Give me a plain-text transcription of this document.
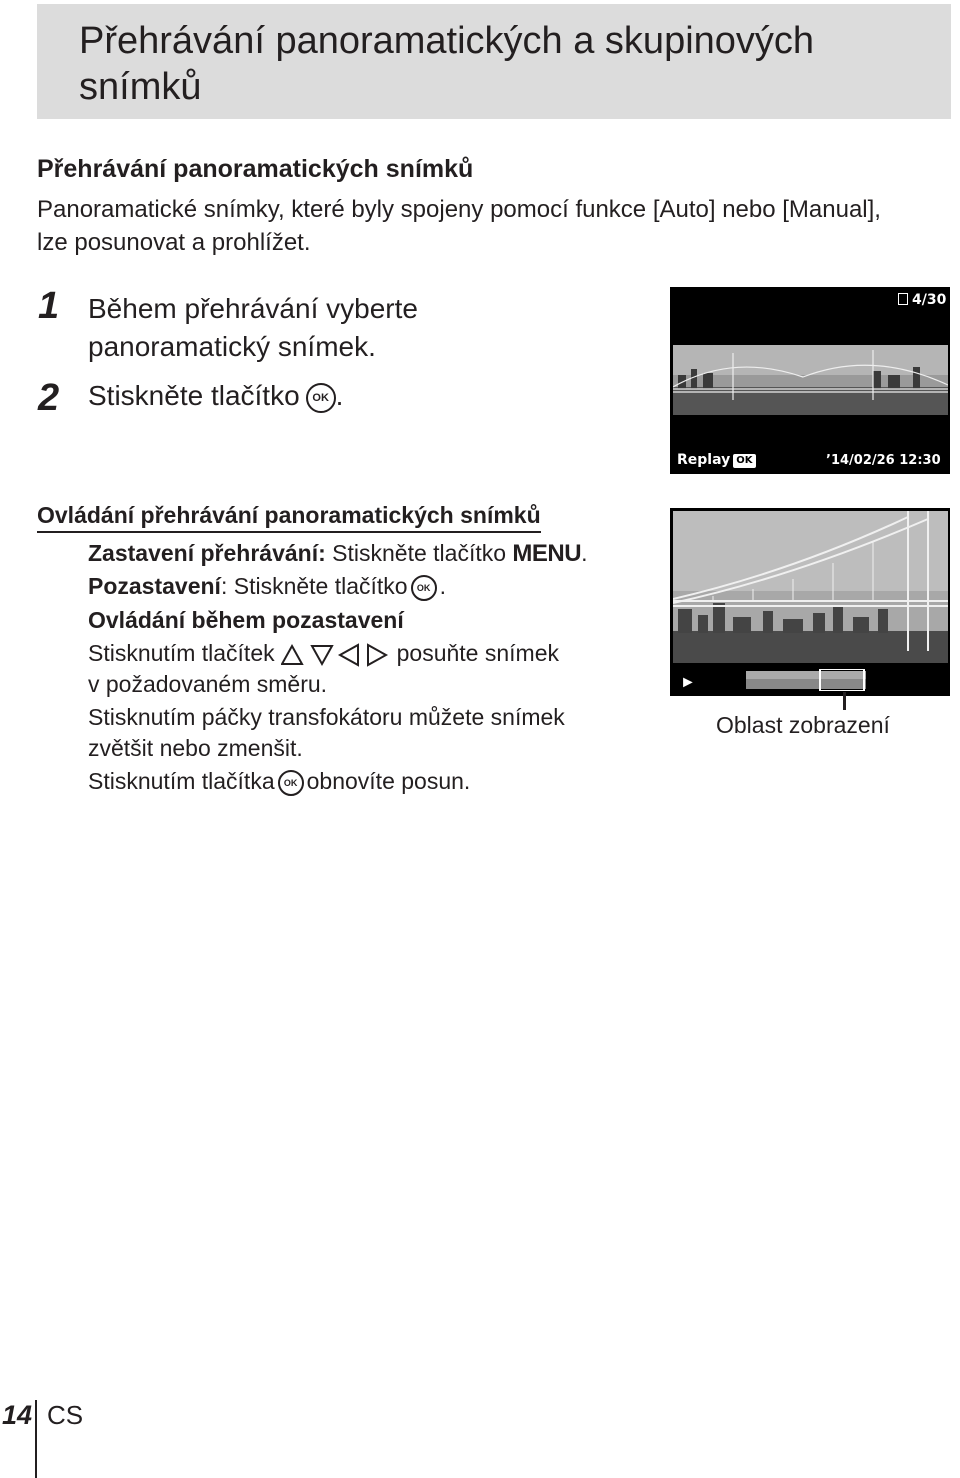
Přehrávání panoramatických a skupinových snímků
Přehrávání panoramatických snímků
Panoramatické snímky, které byly spojeny pomocí funkce [Auto] nebo [Manual], lze posunovat a prohlížet.
1 Během přehrávání vyberte panoramatický snímek.
2 Stiskněte tlačítko OK .
4/30
Replay OK	’14/02/26 12:30
Ovládání přehrávání panoramatických snímků
Zastavení přehrávání: Stiskněte tlačítko MENU.
Pozastavení: Stiskněte tlačítko OK .
Ovládání během pozastavení
Stisknutím tlačítek	posuňte snímek
v požadovaném směru.
Stisknutím páčky transfokátoru můžete snímek
zvětšit nebo zmenšit.
Stisknutím tlačítka OK obnovíte posun.
►
Oblast zobrazení
14 CS
